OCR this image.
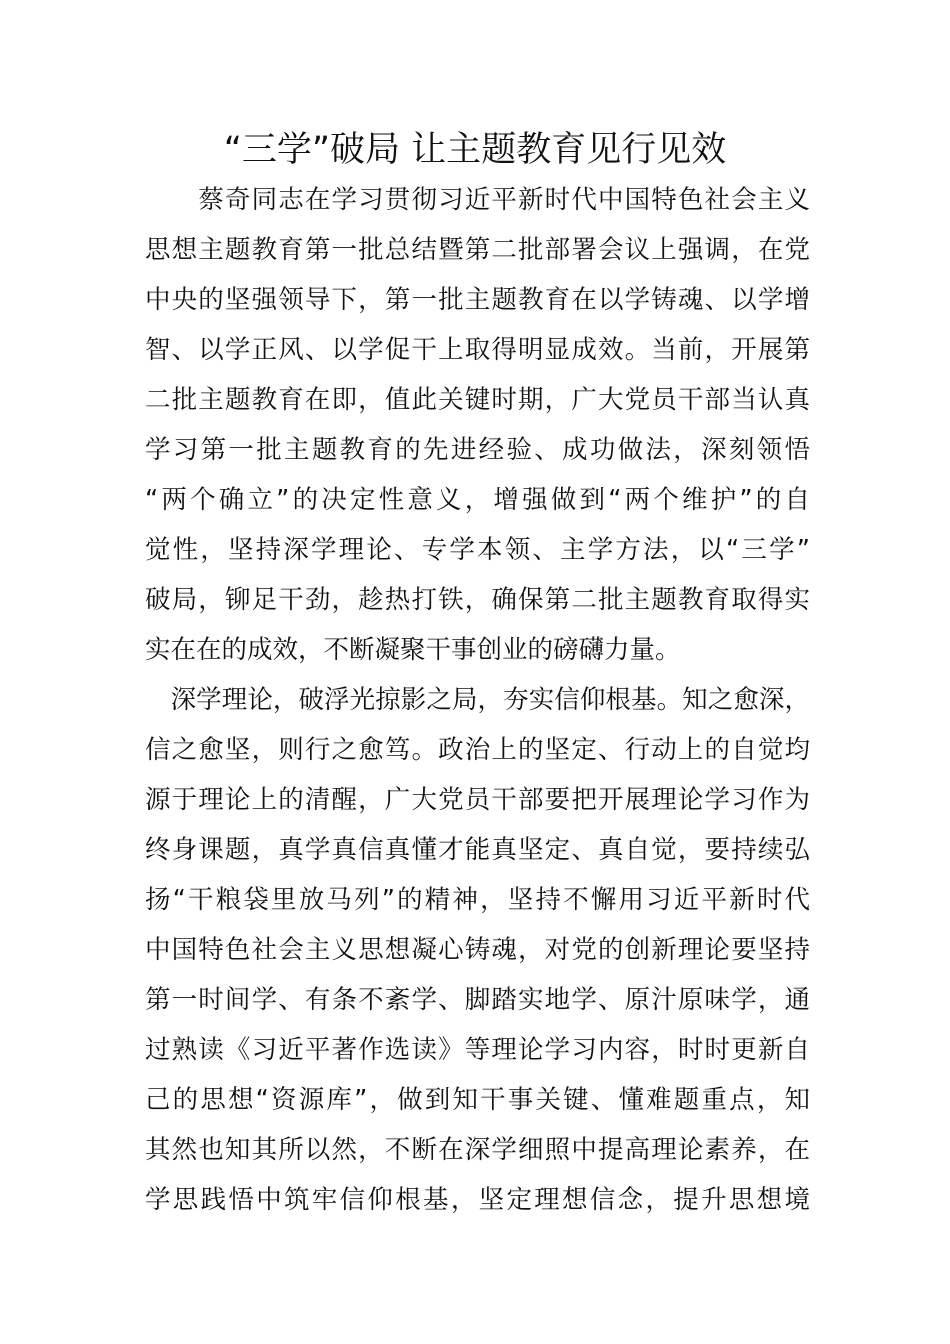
“三学”破局 让主题教育见行见效

　　蔡奇同志在学习贯彻习近平新时代中国特色社会主义

思想主题教育第一批总结暨第二批部署会议上强调，在党

中央的坚强领导下，第一批主题教育在以学铸魂、以学增

智、以学正风、以学促干上取得明显成效。当前，开展第

二批主题教育在即，值此关键时期，广大党员干部当认真

学习第一批主题教育的先进经验、成功做法，深刻领悟

“两个确立”的决定性意义，增强做到“两个维护”的自

觉性，坚持深学理论、专学本领、主学方法，以“三学”

破局，铆足干劲，趁热打铁，确保第二批主题教育取得实

实在在的成效，不断凝聚干事创业的磅礴力量。

　深学理论，破浮光掠影之局，夯实信仰根基。知之愈深，

信之愈坚，则行之愈笃。政治上的坚定、行动上的自觉均

源于理论上的清醒，广大党员干部要把开展理论学习作为

终身课题，真学真信真懂才能真坚定、真自觉，要持续弘

扬“干粮袋里放马列”的精神，坚持不懈用习近平新时代

中国特色社会主义思想凝心铸魂，对党的创新理论要坚持

第一时间学、有条不紊学、脚踏实地学、原汁原味学，通

过熟读《习近平著作选读》等理论学习内容，时时更新自

己的思想“资源库”，做到知干事关键、懂难题重点，知

其然也知其所以然，不断在深学细照中提高理论素养，在

学思践悟中筑牢信仰根基，坚定理想信念，提升思想境
